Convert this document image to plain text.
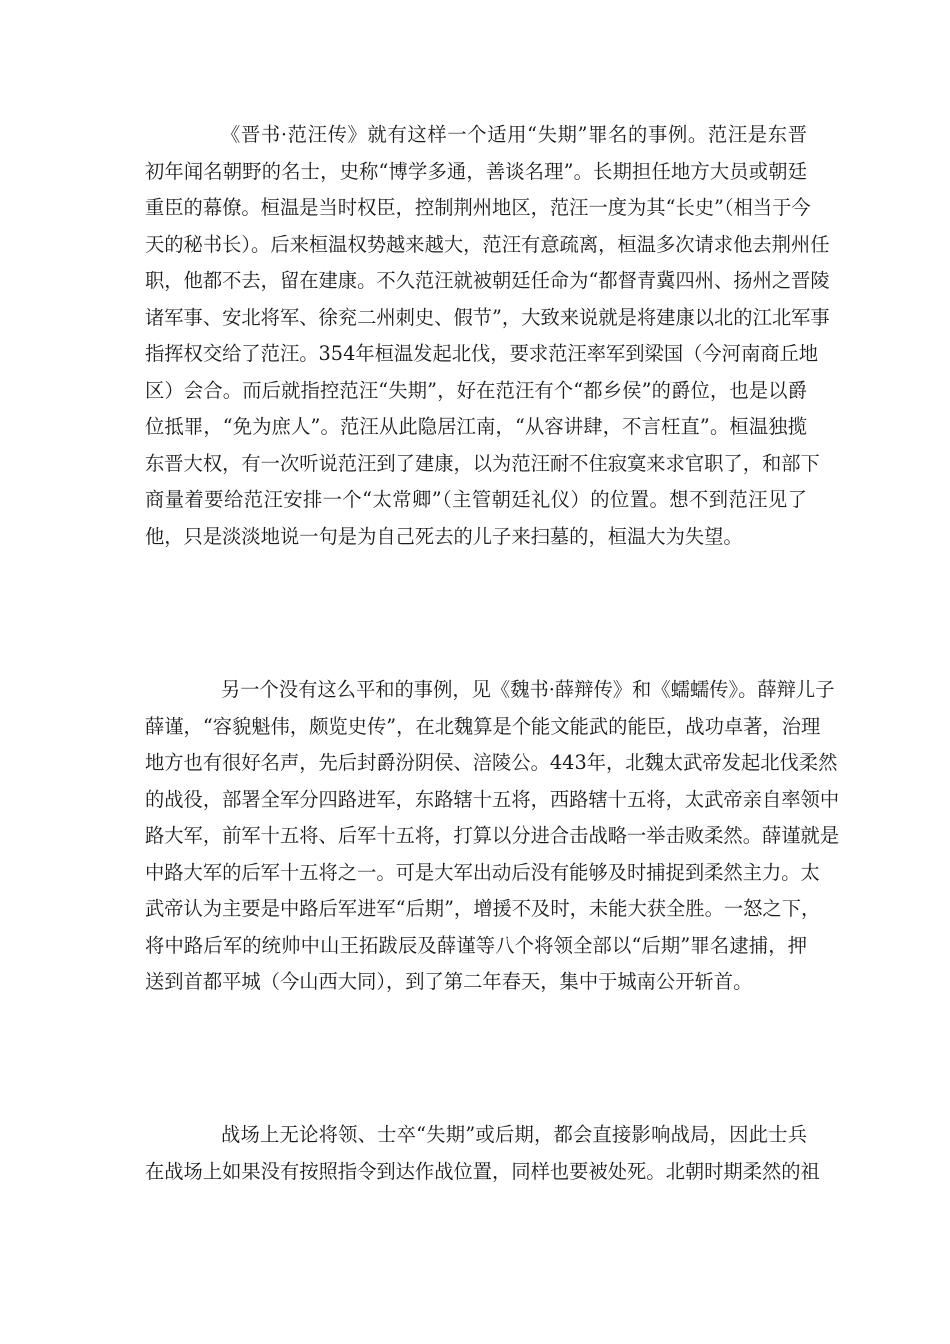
《晋书·范汪传》就有这样一个适用“失期”罪名的事例。范汪是东晋
初年闻名朝野的名士，史称“博学多通，善谈名理”。长期担任地方大员或朝廷
重臣的幕僚。桓温是当时权臣，控制荆州地区，范汪一度为其“长史”（相当于今
天的秘书长）。后来桓温权势越来越大，范汪有意疏离，桓温多次请求他去荆州任
职，他都不去，留在建康。不久范汪就被朝廷任命为“都督青冀四州、扬州之晋陵
诸军事、安北将军、徐兖二州刺史、假节”，大致来说就是将建康以北的江北军事
指挥权交给了范汪。354年桓温发起北伐，要求范汪率军到梁国（今河南商丘地
区）会合。而后就指控范汪“失期”，好在范汪有个“都乡侯”的爵位，也是以爵
位抵罪，“免为庶人”。范汪从此隐居江南，“从容讲肆，不言枉直”。桓温独揽
东晋大权，有一次听说范汪到了建康，以为范汪耐不住寂寞来求官职了，和部下
商量着要给范汪安排一个“太常卿”（主管朝廷礼仪）的位置。想不到范汪见了
他，只是淡淡地说一句是为自己死去的儿子来扫墓的，桓温大为失望。
另一个没有这么平和的事例，见《魏书·薛辩传》和《蠕蠕传》。薛辩儿子
薛谨，“容貌魁伟，颇览史传”，在北魏算是个能文能武的能臣，战功卓著，治理
地方也有很好名声，先后封爵汾阴侯、涪陵公。443年，北魏太武帝发起北伐柔然
的战役，部署全军分四路进军，东路辖十五将，西路辖十五将，太武帝亲自率领中
路大军，前军十五将、后军十五将，打算以分进合击战略一举击败柔然。薛谨就是
中路大军的后军十五将之一。可是大军出动后没有能够及时捕捉到柔然主力。太
武帝认为主要是中路后军进军“后期”，增援不及时，未能大获全胜。一怒之下，
将中路后军的统帅中山王拓跋辰及薛谨等八个将领全部以“后期”罪名逮捕，押
送到首都平城（今山西大同），到了第二年春天，集中于城南公开斩首。
战场上无论将领、士卒“失期”或后期，都会直接影响战局，因此士兵
在战场上如果没有按照指令到达作战位置，同样也要被处死。北朝时期柔然的祖
